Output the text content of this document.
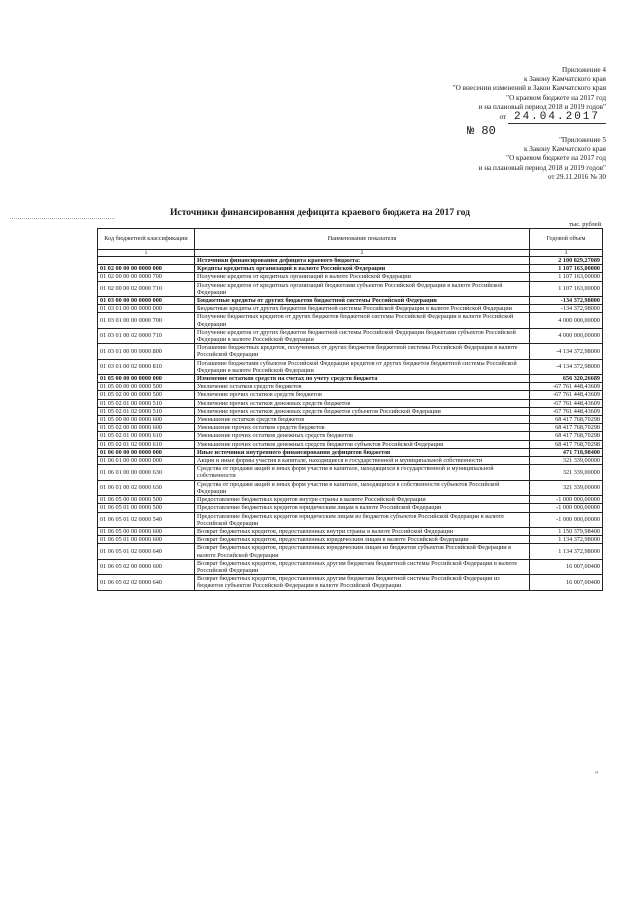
Приложение 4
к Закону Камчатского края
"О внесении изменений в Закон Камчатского края
"О краевом бюджете на 2017 год
и на плановый период 2018 и 2019 годов"
от 24.04.2017
№ 80
"Приложение 5
к Закону Камчатского края
"О краевом бюджете на 2017 год
и на плановый период 2018 и 2019 годов"
от 29.11.2016 № 30
Источники финансирования дефицита краевого бюджета на 2017 год
тыс. рублей
Код бюджетной классификации	Наименование показателя	Годовой объем
1	2	3
	Источники финансирования дефицита краевого бюджета:	2 100 829,27089
01 02 00 00 00 0000 000	Кредиты кредитных организаций в валюте Российской Федерации	1 107 163,00000
01 02 00 00 00 0000 700	Получение кредитов от кредитных организаций в валюте Российской Федерации	1 107 163,00000
01 02 00 00 02 0000 710	Получение кредитов от кредитных организаций бюджетами субъектов Российской Федерации в валюте Российской Федерации	1 107 163,00000
01 03 00 00 00 0000 000	Бюджетные кредиты от других бюджетов бюджетной системы Российской Федерации	-134 372,98000
01 03 01 00 00 0000 000	Бюджетные кредиты от других бюджетов бюджетной системы Российской Федерации в валюте Российской Федерации	-134 372,98000
01 03 01 00 00 0000 700	Получение бюджетных кредитов от других бюджетов бюджетной системы Российской Федерации в валюте Российской Федерации	4 000 000,00000
01 03 01 00 02 0000 710	Получение кредитов от других бюджетов бюджетной системы Российской Федерации бюджетами субъектов Российской Федерации в валюте Российской Федерации	4 000 000,00000
01 03 01 00 00 0000 800	Погашение бюджетных кредитов, полученных от других бюджетов бюджетной системы Российской Федерации в валюте Российской Федерации	-4 134 372,98000
01 03 01 00 02 0000 810	Погашение бюджетами субъектов Российской Федерации кредитов от других бюджетов бюджетной системы Российской Федерации в валюте Российской Федерации	-4 134 372,98000
01 05 00 00 00 0000 000	Изменение остатков средств на счетах по учету средств бюджета	656 320,26689
01 05 00 00 00 0000 500	Увеличение остатков средств бюджетов	-67 761 448,43609
01 05 02 00 00 0000 500	Увеличение прочих остатков средств бюджетов	-67 761 448,43609
01 05 02 01 00 0000 510	Увеличение прочих остатков денежных средств бюджетов	-67 761 448,43609
01 05 02 01 02 0000 510	Увеличение прочих остатков денежных средств бюджетов субъектов Российской Федерации	-67 761 448,43609
01 05 00 00 00 0000 600	Уменьшение остатков средств бюджетов	68 417 768,70298
01 05 02 00 00 0000 600	Уменьшение прочих остатков средств бюджетов	68 417 768,70298
01 05 02 01 00 0000 610	Уменьшение прочих остатков денежных средств бюджетов	68 417 768,70298
01 05 02 01 02 0000 610	Уменьшение прочих остатков денежных средств бюджетов субъектов Российской Федерации	68 417 768,70298
01 06 00 00 00 0000 000	Иные источники внутреннего финансирования дефицитов бюджетов	471 718,98400
01 06 01 00 00 0000 000	Акции и иные формы участия в капитале, находящиеся в государственной и муниципальной собственности	321 339,00000
01 06 01 00 00 0000 630	Средства от продажи акций и иных форм участия в капитале, находящихся в государственной и муниципальной собственности	321 339,00000
01 06 01 00 02 0000 630	Средства от продажи акций и иных форм участия в капитале, находящихся в собственности субъектов Российской Федерации	321 339,00000
01 06 05 00 00 0000 500	Предоставление бюджетных кредитов внутри страны в валюте Российской Федерации	-1 000 000,00000
01 06 05 01 00 0000 500	Предоставление бюджетных кредитов юридическим лицам в валюте Российской Федерации	-1 000 000,00000
01 06 05 01 02 0000 540	Предоставление бюджетных кредитов юридическим лицам из бюджетов субъектов Российской Федерации в валюте Российской Федерации	-1 000 000,00000
01 06 05 00 00 0000 600	Возврат бюджетных кредитов, предоставленных внутри страны в валюте Российской Федерации	1 150 379,98400
01 06 05 01 00 0000 600	Возврат бюджетных кредитов, предоставленных юридическим лицам в валюте Российской Федерации	1 134 372,98000
01 06 05 01 02 0000 640	Возврат бюджетных кредитов, предоставленных юридическим лицам из бюджетов субъектов Российской Федерации в валюте Российской Федерации	1 134 372,98000
01 06 05 02 00 0000 600	Возврат бюджетных кредитов, предоставленных другим бюджетам бюджетной системы Российской Федерации в валюте Российской Федерации	16 007,00400
01 06 05 02 02 0000 640	Возврат бюджетных кредитов, предоставленных другим бюджетам бюджетной системы Российской Федерации из бюджетов субъектов Российской Федерации в валюте Российской Федерации	16 007,00400
"
